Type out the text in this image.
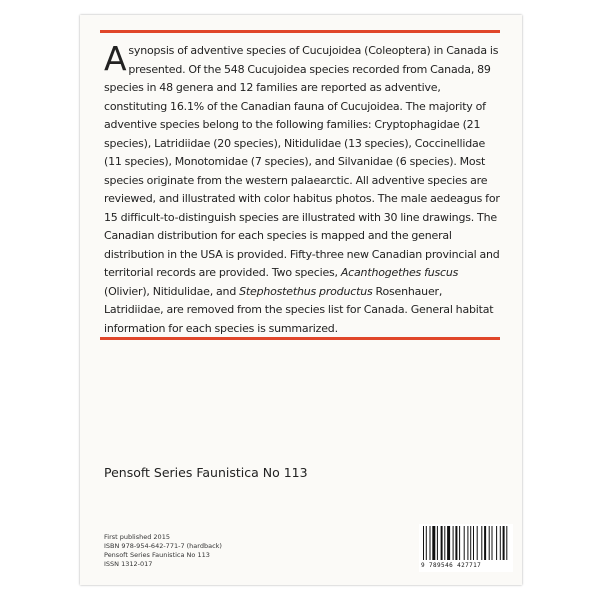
A synopsis of adventive species of Cucujoidea (Coleoptera) in Canada is presented. Of the 548 Cucujoidea species recorded from Canada, 89 species in 48 genera and 12 families are reported as adventive, constituting 16.1% of the Canadian fauna of Cucujoidea. The majority of adventive species belong to the following families: Cryptophagidae (21 species), Latridiidae (20 species), Nitidulidae (13 species), Coccinellidae (11 species), Monotomidae (7 species), and Silvanidae (6 species). Most species originate from the western palaearctic. All adventive species are reviewed, and illustrated with color habitus photos. The male aedeagus for 15 difficult-to-distinguish species are illustrated with 30 line drawings. The Canadian distribution for each species is mapped and the general distribution in the USA is provided. Fifty-three new Canadian provincial and territorial records are provided. Two species, Acanthogethes fuscus (Olivier), Nitidulidae, and Stephostethus productus Rosenhauer, Latridiidae, are removed from the species list for Canada. General habitat information for each species is summarized.

Pensoft Series Faunistica No 113
First published 2015
ISBN 978-954-642-771-7 (hardback)
Pensoft Series Faunistica No 113
ISSN 1312-017	9 789546 427717
